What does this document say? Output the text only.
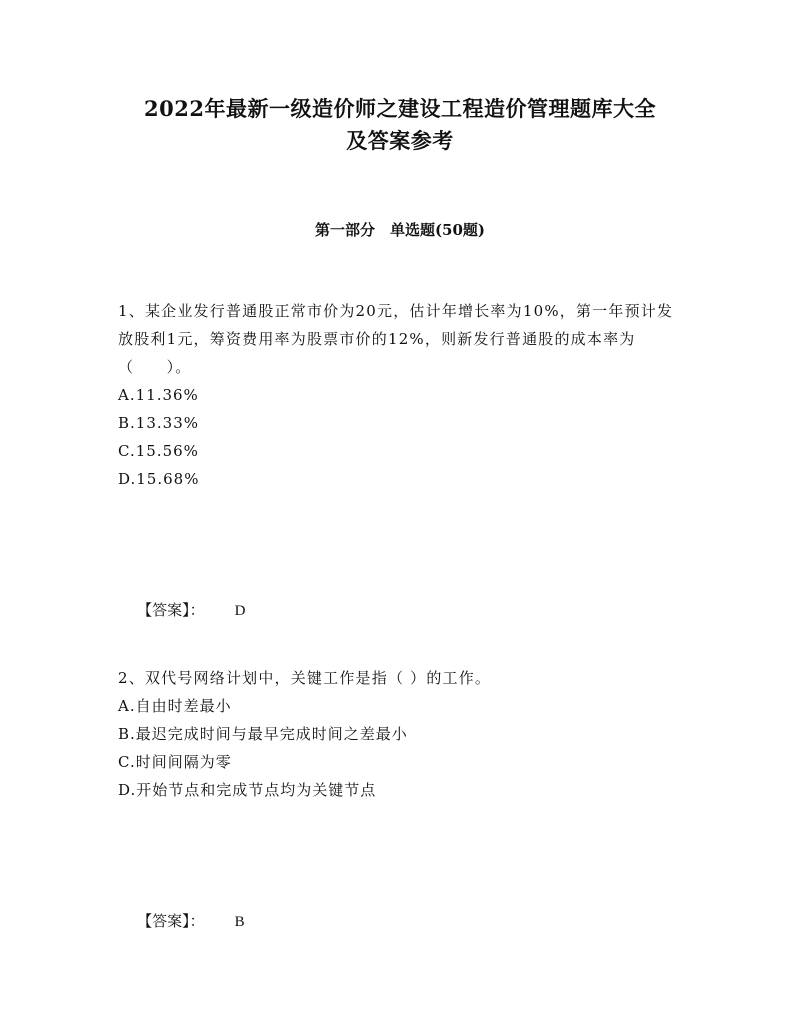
2022年最新一级造价师之建设工程造价管理题库大全
及答案参考
第一部分　单选题(50题)

1、某企业发行普通股正常市价为20元，估计年增长率为10%，第一年预计发放股利1元，筹资费用率为股票市价的12%，则新发行普通股的成本率为（　　）。

A.11.36%

B.13.33%

C.15.56%

D.15.68%

【答案】： D

2、双代号网络计划中，关键工作是指（ ）的工作。

A.自由时差最小

B.最迟完成时间与最早完成时间之差最小

C.时间间隔为零

D.开始节点和完成节点均为关键节点

【答案】： B
